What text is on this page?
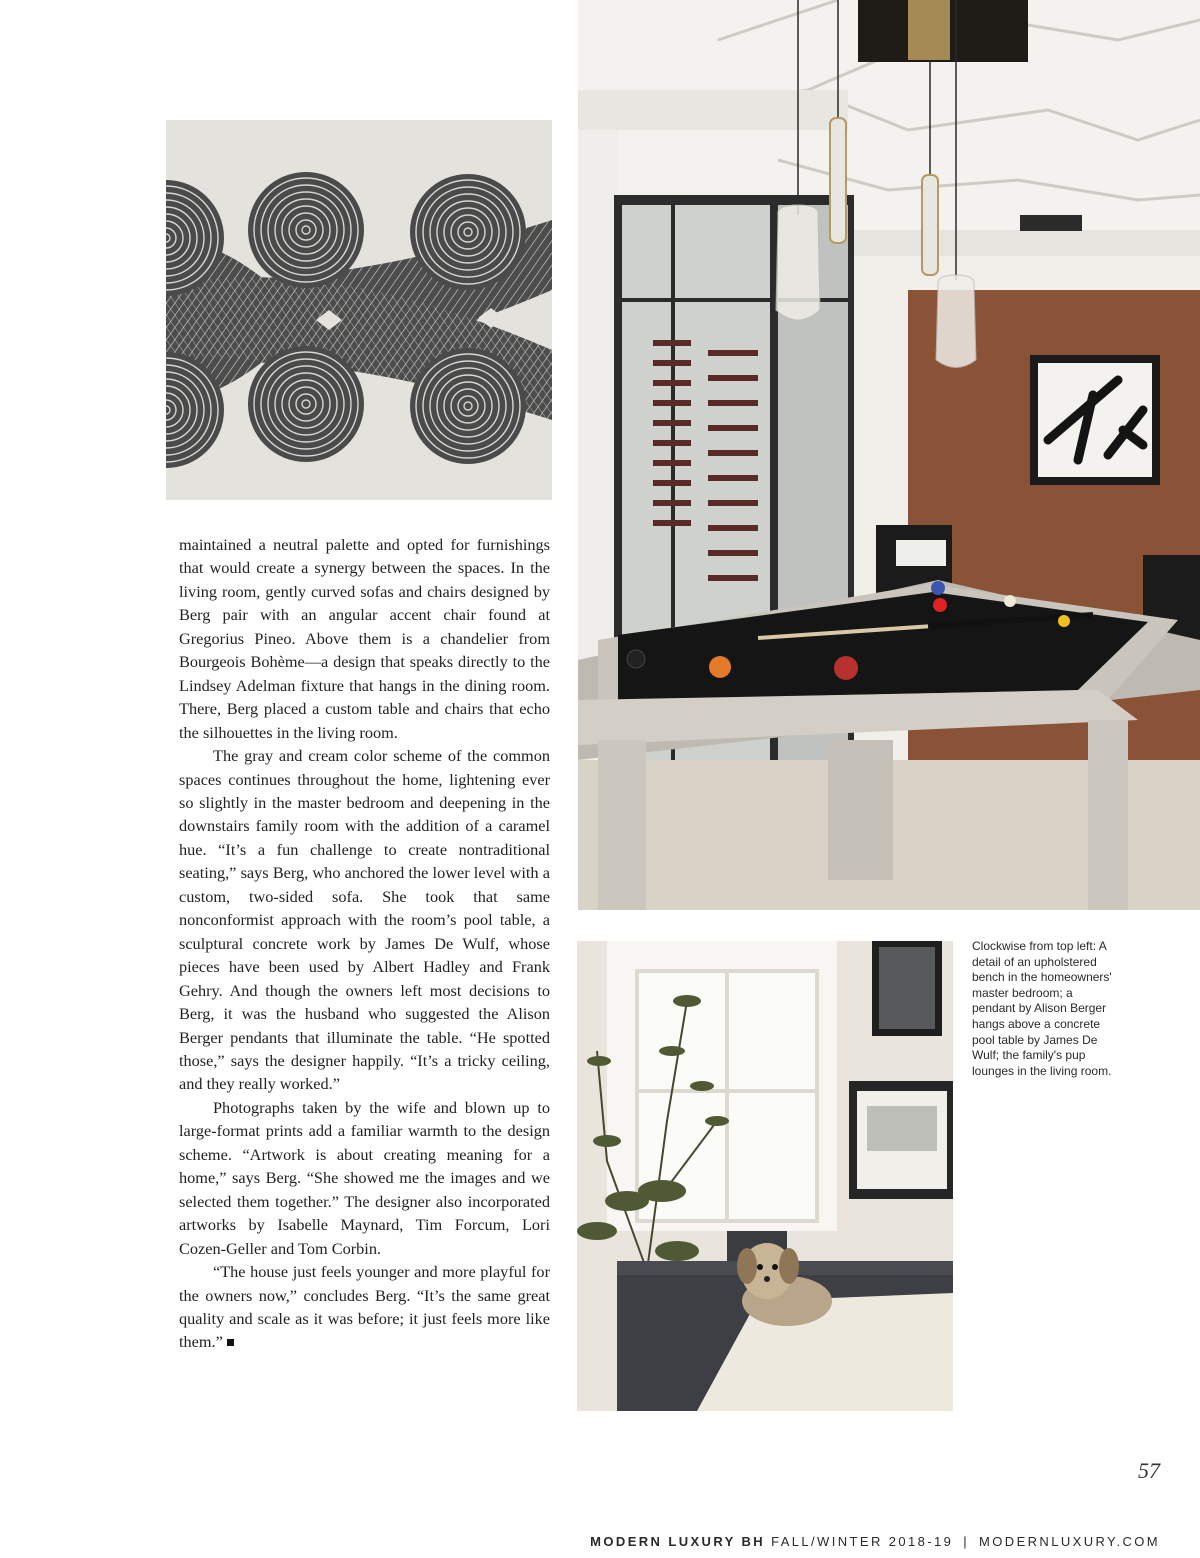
Clockwise from top left: A detail of an upholstered bench in the homeowners' master bedroom; a pendant by Alison Berger hangs above a concrete pool table by James De Wulf; the family's pup lounges in the living room.

maintained a neutral palette and opted for furnishings that would create a synergy between the spaces. In the living room, gently curved sofas and chairs designed by Berg pair with an angular accent chair found at Gregorius Pineo. Above them is a chandelier from Bourgeois Bohème—a design that speaks directly to the Lindsey Adelman fixture that hangs in the dining room. There, Berg placed a custom table and chairs that echo the silhouettes in the living room.

The gray and cream color scheme of the common spaces continues throughout the home, lightening ever so slightly in the master bedroom and deepening in the downstairs family room with the addition of a caramel hue. “It’s a fun challenge to create nontraditional seating,” says Berg, who anchored the lower level with a custom, two-sided sofa. She took that same nonconformist approach with the room’s pool table, a sculptural concrete work by James De Wulf, whose pieces have been used by Albert Hadley and Frank Gehry. And though the owners left most decisions to Berg, it was the husband who suggested the Alison Berger pendants that illuminate the table. “He spotted those,” says the designer happily. “It’s a tricky ceiling, and they really worked.”

Photographs taken by the wife and blown up to large-format prints add a familiar warmth to the design scheme. “Artwork is about creating meaning for a home,” says Berg. “She showed me the images and we selected them together.” The designer also incorporated artworks by Isabelle Maynard, Tim Forcum, Lori Cozen-Geller and Tom Corbin.

“The house just feels younger and more playful for the owners now,” concludes Berg. “It’s the same great quality and scale as it was before; it just feels more like them.”

57
MODERN LUXURY BH FALL/WINTER 2018-19 | MODERNLUXURY.COM
